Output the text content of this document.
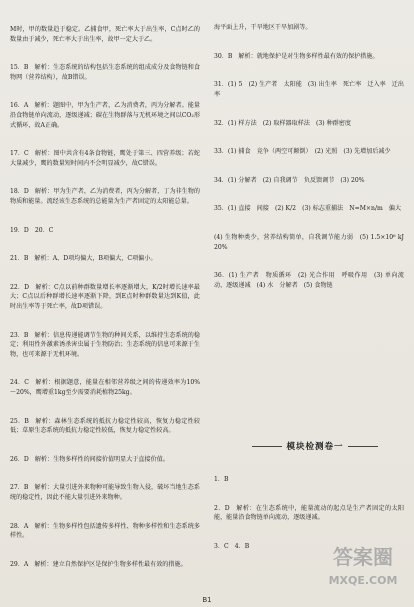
M时，甲的数量趋于稳定。乙捕食甲，死亡率大于出生率，C点时乙的数量由于减少，死亡率大于出生率，故甲一定大于乙。

15．B　解析：生态系统的结构包括生态系统的组成成分及食物链和食物网（营养结构），故B错误。

16．A　解析：题图中，甲为生产者，乙为消费者，丙为分解者。能量沿食物链单向流动，逐级递减；碳在生物群落与无机环境之间以CO₂形式循环，故A正确。

17．C　解析：图中共含有4条食物链，鹰处于第三、四营养级；若蛇大量减少，鹰的数量短时间内不会明显减少，故C错误。

18．D　解析：甲为生产者，乙为消费者，丙为分解者，丁为非生物的物质和能量。流经该生态系统的总能量为生产者固定的太阳能总量。

19．D　20．C

21．B　解析：A、D项均偏大，B项偏大，C项偏小。

22．D　解析：C点以前种群数量增长率逐渐增大，K/2时增长速率最大；C点以后种群增长速率逐渐下降，到E点时种群数量达到K值，此时出生率等于死亡率，故D项错误。

23．B　解析：信息传递能调节生物的种间关系，以维持生态系统的稳定；利用性外激素诱杀害虫属于生物防治；生态系统的信息可来源于生物，也可来源于无机环境。

24．C　解析：根据题意，能量在相邻营养级之间的传递效率为10%～20%，鹰增重1kg至少需要消耗植物25kg。

25．B　解析：森林生态系统的抵抗力稳定性较高，恢复力稳定性较低；草原生态系统的抵抗力稳定性较低，恢复力稳定性较高。

26．D　解析：生物多样性的间接价值明显大于直接价值。

27．B　解析：大量引进外来物种可能导致生物入侵，破坏当地生态系统的稳定性，因此不能大量引进外来物种。

28．A　解析：生物多样性包括遗传多样性、物种多样性和生态系统多样性。

29．A　解析：建立自然保护区是保护生物多样性最有效的措施。

海平面上升，干旱地区干旱加剧等。

30．B　解析：就地保护是对生物多样性最有效的保护措施。

31．(1) 5　(2) 生产者　太阳能　(3) 出生率　死亡率　迁入率　迁出率

32．(1) 样方法　(2) 取样器取样法　(3) 种群密度

33．(1) 捕食　竞争（两空可颠倒）　(2) 光照　(3) 先增加后减少

34．(1) 分解者　(2) 自我调节　负反馈调节　(3) 20%

35．(1) 直接　间接　(2) K/2　(3) 标志重捕法　N=M×n/m　偏大

(4) 生物种类少，营养结构简单，自我调节能力弱　(5) 1.5×10⁶ kJ　20%

36．(1) 生产者　物质循环　(2) 光合作用　呼吸作用　(3) 单向流动，逐级递减　(4) 水　分解者　(5) 食物链

模块检测卷一

1．B

2．D　解析：在生态系统中，能量流动的起点是生产者固定的太阳能，能量沿食物链单向流动，逐级递减。

3．C　4．B

	答案圈
MXQE.COM
B1
